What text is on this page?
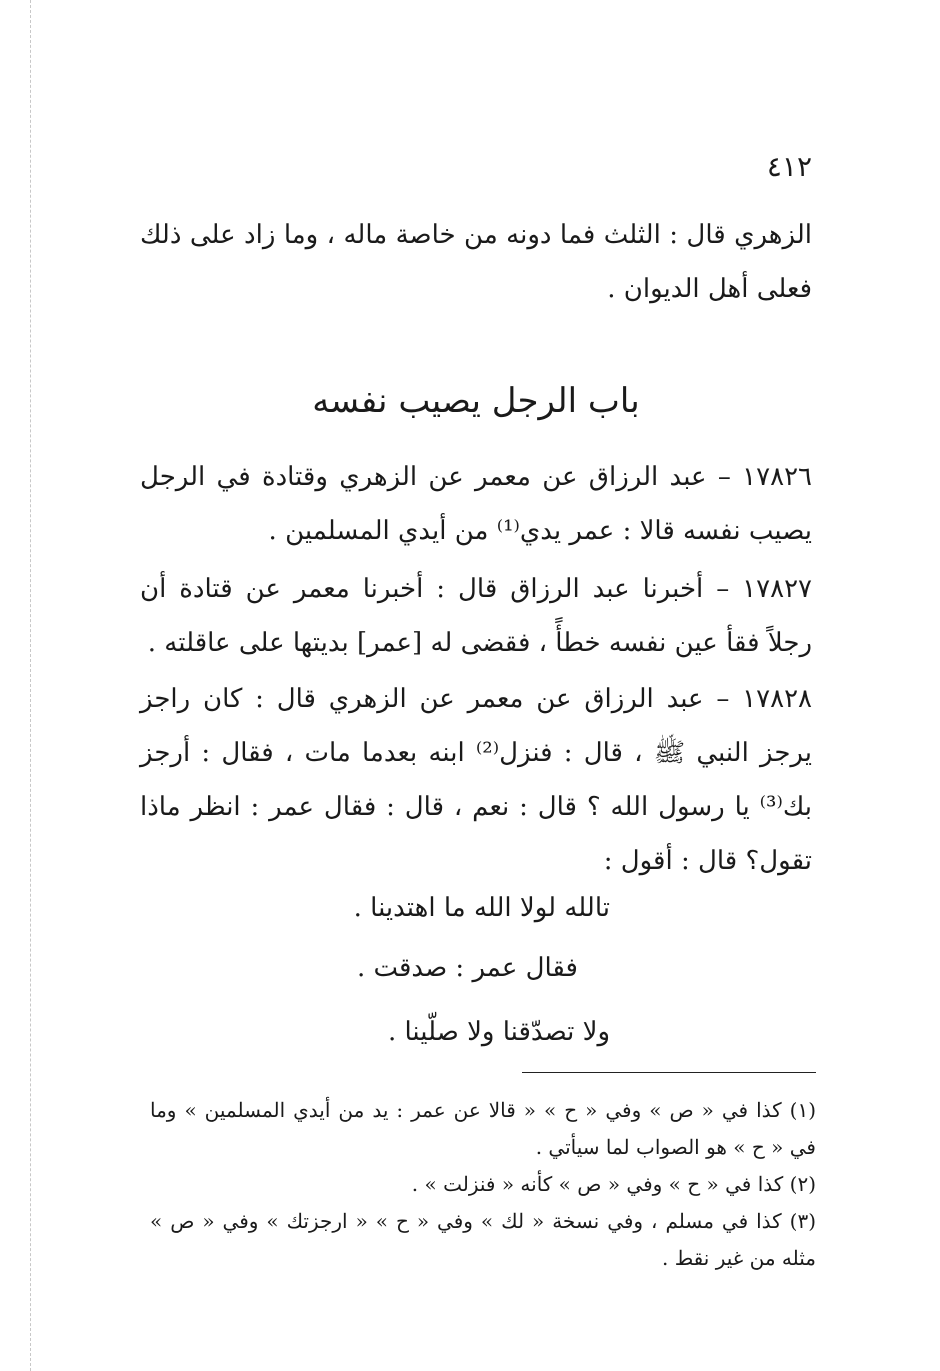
٤١٢

الزهري قال : الثلث فما دونه من خاصة ماله ، وما زاد على ذلك فعلى أهل الديوان .

باب الرجل يصيب نفسه

١٧٨٢٦ – عبد الرزاق عن معمر عن الزهري وقتادة في الرجل يصيب نفسه قالا : عمر يدي⁽¹⁾ من أيدي المسلمين .

١٧٨٢٧ – أخبرنا عبد الرزاق قال : أخبرنا معمر عن قتادة أن رجلاً فقأ عين نفسه خطأً ، فقضى له [عمر] بديتها على عاقلته .

١٧٨٢٨ – عبد الرزاق عن معمر عن الزهري قال : كان راجز يرجز النبي ﷺ ، قال : فنزل⁽²⁾ ابنه بعدما مات ، فقال : أرجز بك⁽³⁾ يا رسول الله ؟ قال : نعم ، قال : فقال عمر : انظر ماذا تقول؟ قال : أقول :

تالله لولا الله ما اهتدينا .
فقال عمر : صدقت .
ولا تصدّقنا ولا صلّينا .

(١) كذا في « ص » وفي « ح » « قالا عن عمر : يد من أيدي المسلمين » وما في « ح » هو الصواب لما سيأتي .

(٢) كذا في « ح » وفي « ص » كأنه « فنزلت » .

(٣) كذا في مسلم ، وفي نسخة « لك » وفي « ح » « ارجزتك » وفي « ص » مثله من غير نقط .
